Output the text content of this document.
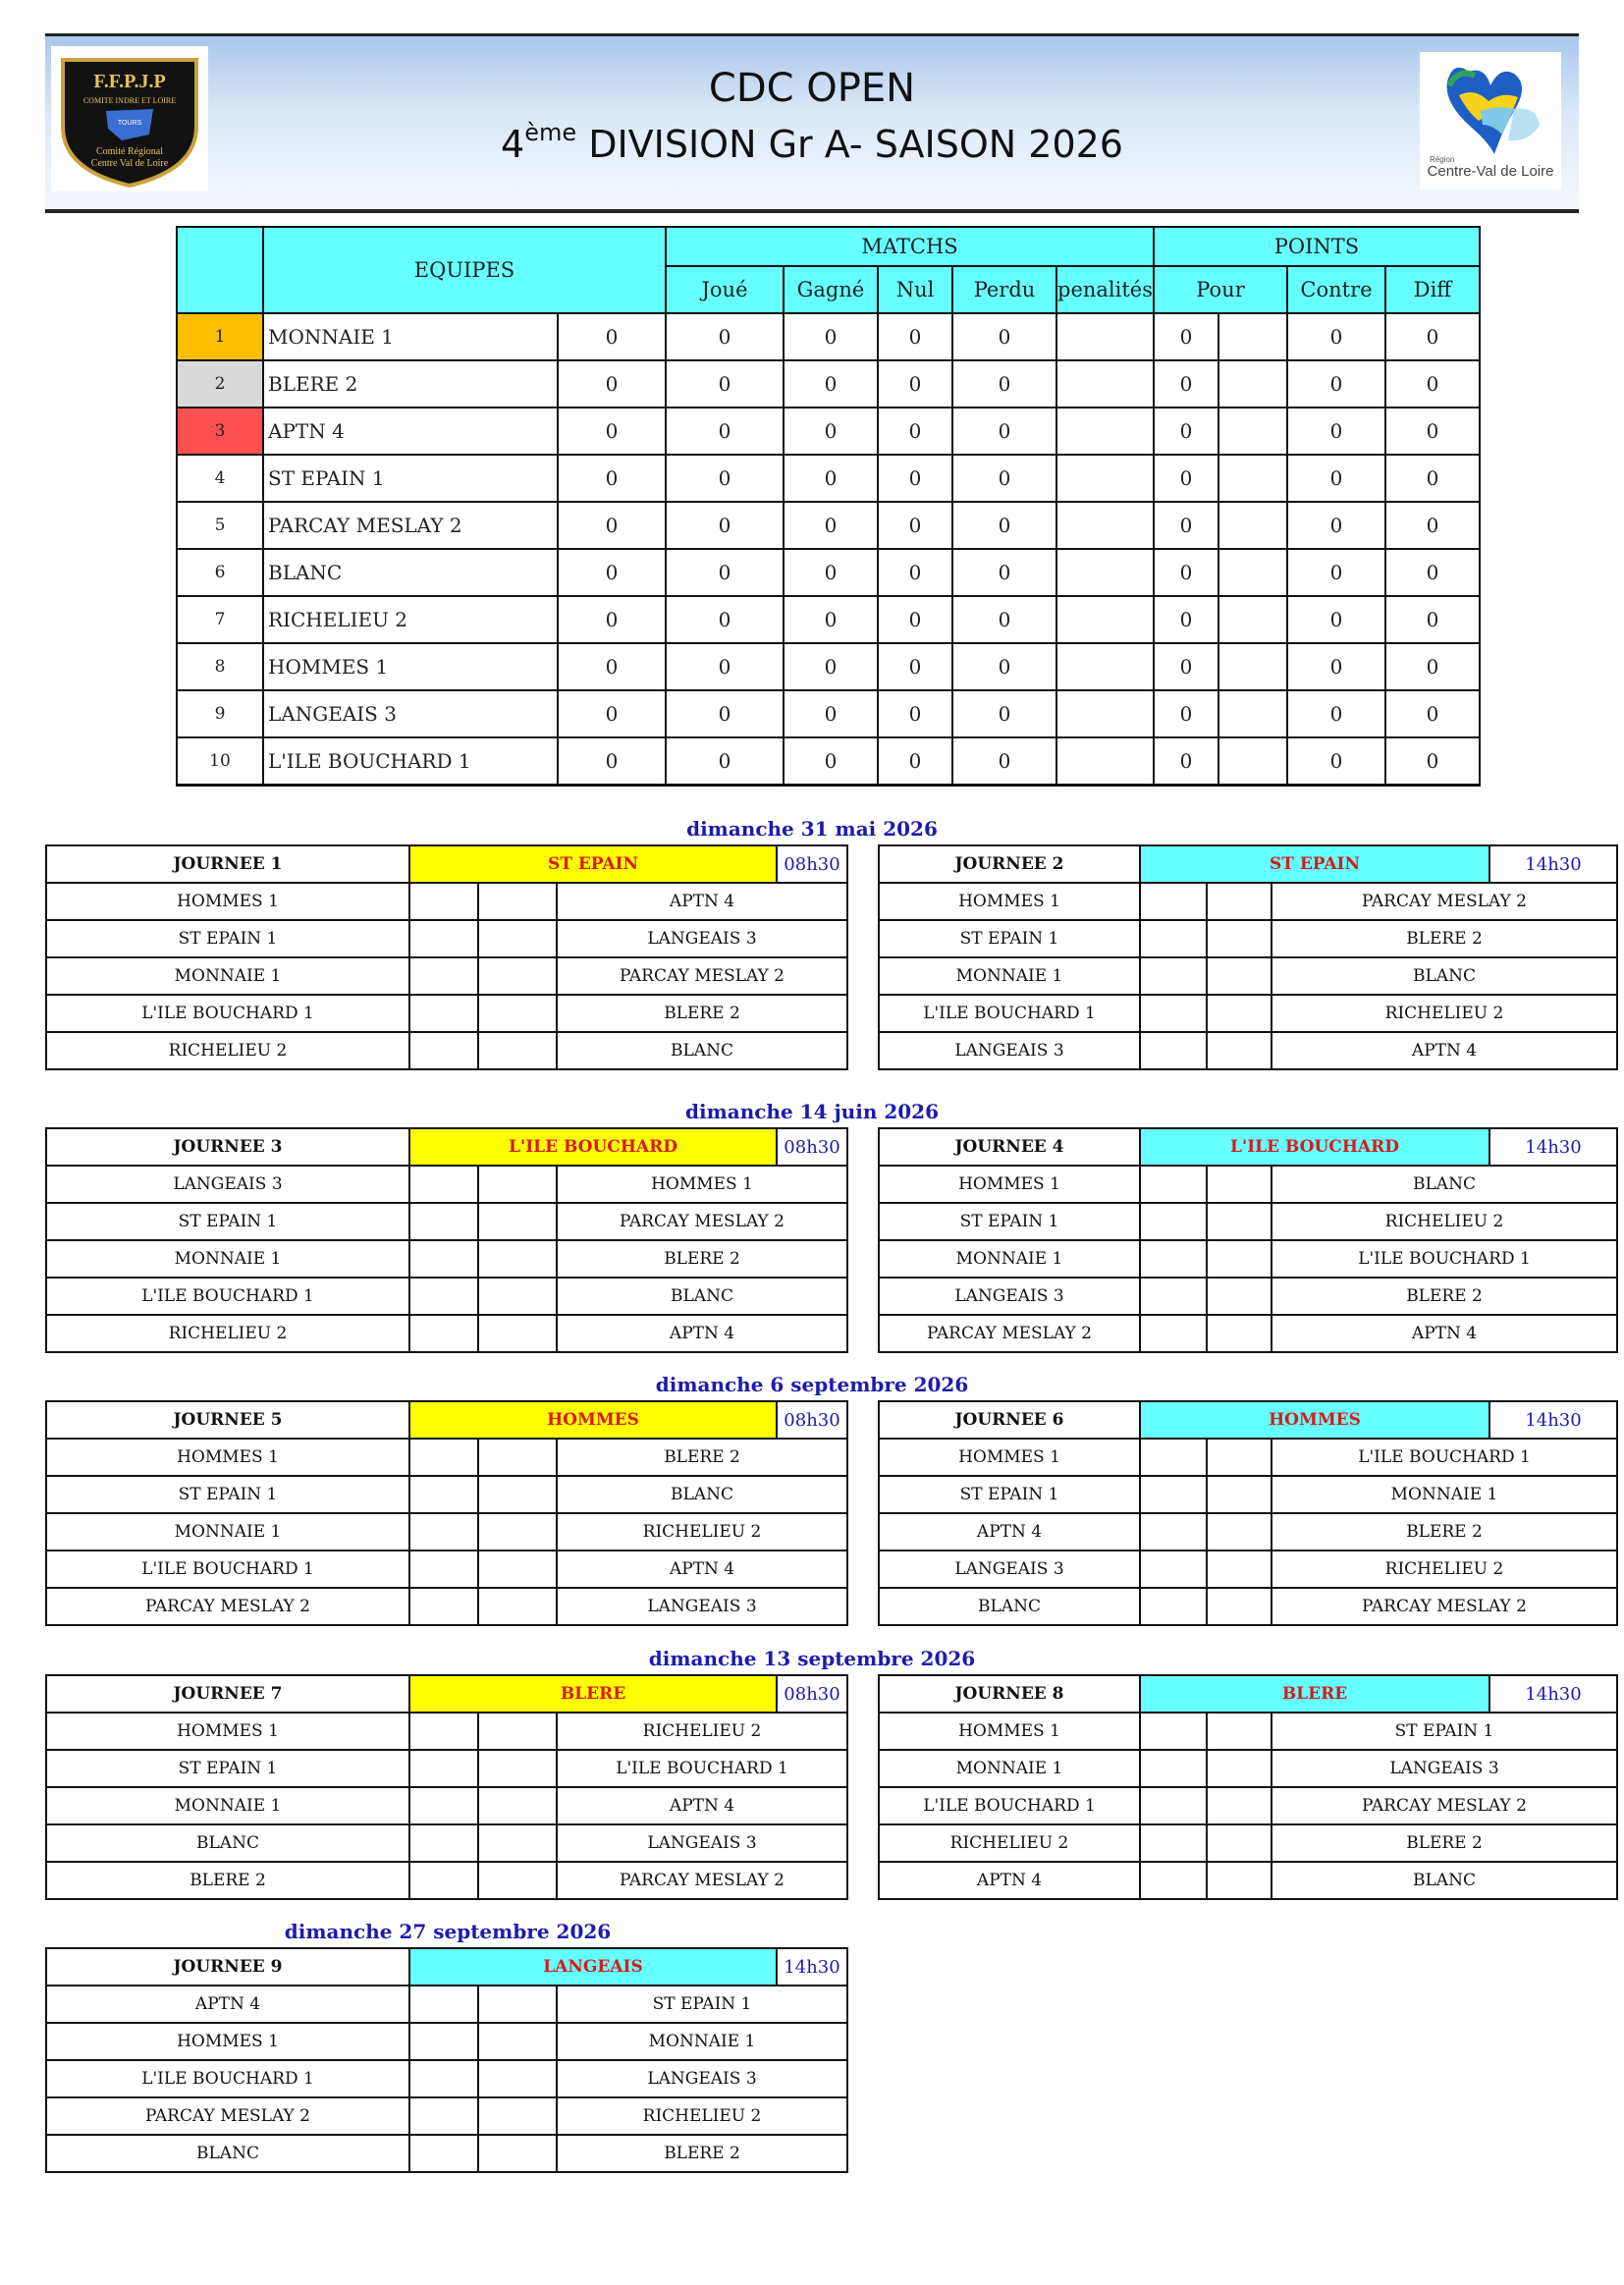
F.F.P.J.P
COMITE INDRE ET LOIRE
TOURS
Comité Régional
Centre Val de Loire
CDC OPEN
4ème DIVISION Gr A- SAISON 2026	Région
Centre-Val de Loire
	EQUIPES		MATCHS					POINTS			
			Joué	Gagné	Nul	Perdu	penalités	Pour		Contre	Diff
1	MONNAIE 1	0	0	0	0	0		0		0	0
2	BLERE 2	0	0	0	0	0		0		0	0
3	APTN 4	0	0	0	0	0		0		0	0
4	ST EPAIN 1	0	0	0	0	0		0		0	0
5	PARCAY MESLAY 2	0	0	0	0	0		0		0	0
6	BLANC	0	0	0	0	0		0		0	0
7	RICHELIEU 2	0	0	0	0	0		0		0	0
8	HOMMES 1	0	0	0	0	0		0		0	0
9	LANGEAIS 3	0	0	0	0	0		0		0	0
10	L'ILE BOUCHARD 1	0	0	0	0	0		0		0	0
dimanche 31 mai 2026
JOURNEE 1	ST EPAIN			08h30
HOMMES 1			APTN 4	
ST EPAIN 1			LANGEAIS 3	
MONNAIE 1			PARCAY MESLAY 2	
L'ILE BOUCHARD 1			BLERE 2	
RICHELIEU 2			BLANC	
JOURNEE 2	ST EPAIN			14h30
HOMMES 1			PARCAY MESLAY 2	
ST EPAIN 1			BLERE 2	
MONNAIE 1			BLANC	
L'ILE BOUCHARD 1			RICHELIEU 2	
LANGEAIS 3			APTN 4	
dimanche 14 juin 2026
JOURNEE 3	L'ILE BOUCHARD			08h30
LANGEAIS 3			HOMMES 1	
ST EPAIN 1			PARCAY MESLAY 2	
MONNAIE 1			BLERE 2	
L'ILE BOUCHARD 1			BLANC	
RICHELIEU 2			APTN 4	
JOURNEE 4	L'ILE BOUCHARD			14h30
HOMMES 1			BLANC	
ST EPAIN 1			RICHELIEU 2	
MONNAIE 1			L'ILE BOUCHARD 1	
LANGEAIS 3			BLERE 2	
PARCAY MESLAY 2			APTN 4	
dimanche 6 septembre 2026
JOURNEE 5	HOMMES			08h30
HOMMES 1			BLERE 2	
ST EPAIN 1			BLANC	
MONNAIE 1			RICHELIEU 2	
L'ILE BOUCHARD 1			APTN 4	
PARCAY MESLAY 2			LANGEAIS 3	
JOURNEE 6	HOMMES			14h30
HOMMES 1			L'ILE BOUCHARD 1	
ST EPAIN 1			MONNAIE 1	
APTN 4			BLERE 2	
LANGEAIS 3			RICHELIEU 2	
BLANC			PARCAY MESLAY 2	
dimanche 13 septembre 2026
JOURNEE 7	BLERE			08h30
HOMMES 1			RICHELIEU 2	
ST EPAIN 1			L'ILE BOUCHARD 1	
MONNAIE 1			APTN 4	
BLANC			LANGEAIS 3	
BLERE 2			PARCAY MESLAY 2	
JOURNEE 8	BLERE			14h30
HOMMES 1			ST EPAIN 1	
MONNAIE 1			LANGEAIS 3	
L'ILE BOUCHARD 1			PARCAY MESLAY 2	
RICHELIEU 2			BLERE 2	
APTN 4			BLANC	
dimanche 27 septembre 2026
JOURNEE 9	LANGEAIS			14h30
APTN 4			ST EPAIN 1	
HOMMES 1			MONNAIE 1	
L'ILE BOUCHARD 1			LANGEAIS 3	
PARCAY MESLAY 2			RICHELIEU 2	
BLANC			BLERE 2	
